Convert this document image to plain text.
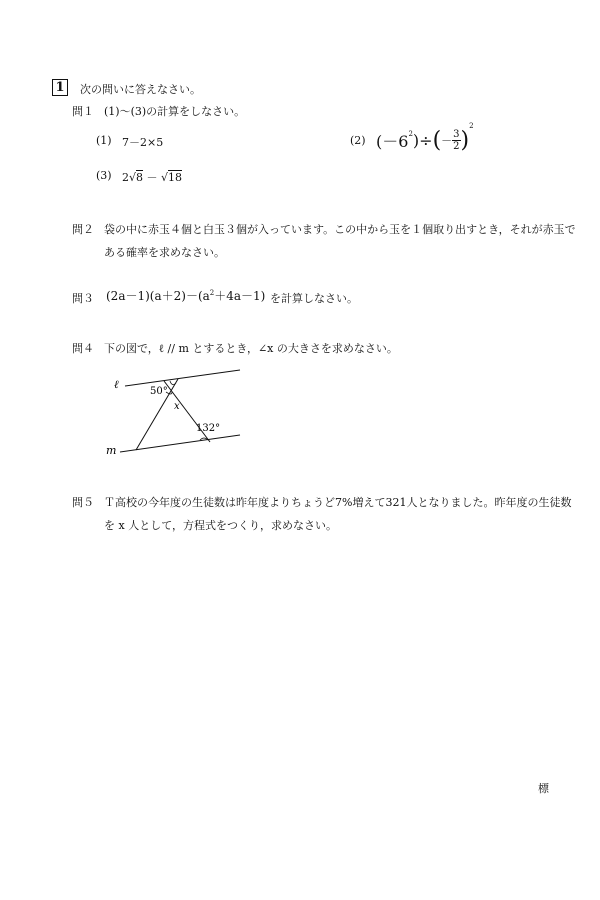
1	次の問いに答えなさい。
問１ (1)～(3)の計算をしなさい。
(1) 7－2×5	(2) ($-6^2$ )÷ ( － $\frac{3}{2}$ )
$^2$
(3) 2√8 － √18
問２ 袋の中に赤玉４個と白玉３個が入っています。この中から玉を１個取り出すとき，それが赤玉で
ある確率を求めなさい。
問３ $(2a-1)(a+2)-(a^2+4a-1)$ を計算しなさい。
問４ 下の図で，ℓ // m とするとき，∠x の大きさを求めなさい。
ℓ
m
50°
x
132°
問５ Ｔ高校の今年度の生徒数は昨年度よりちょうど7%増えて321人となりました。昨年度の生徒数
を x 人として，方程式をつくり，求めなさい。
標
